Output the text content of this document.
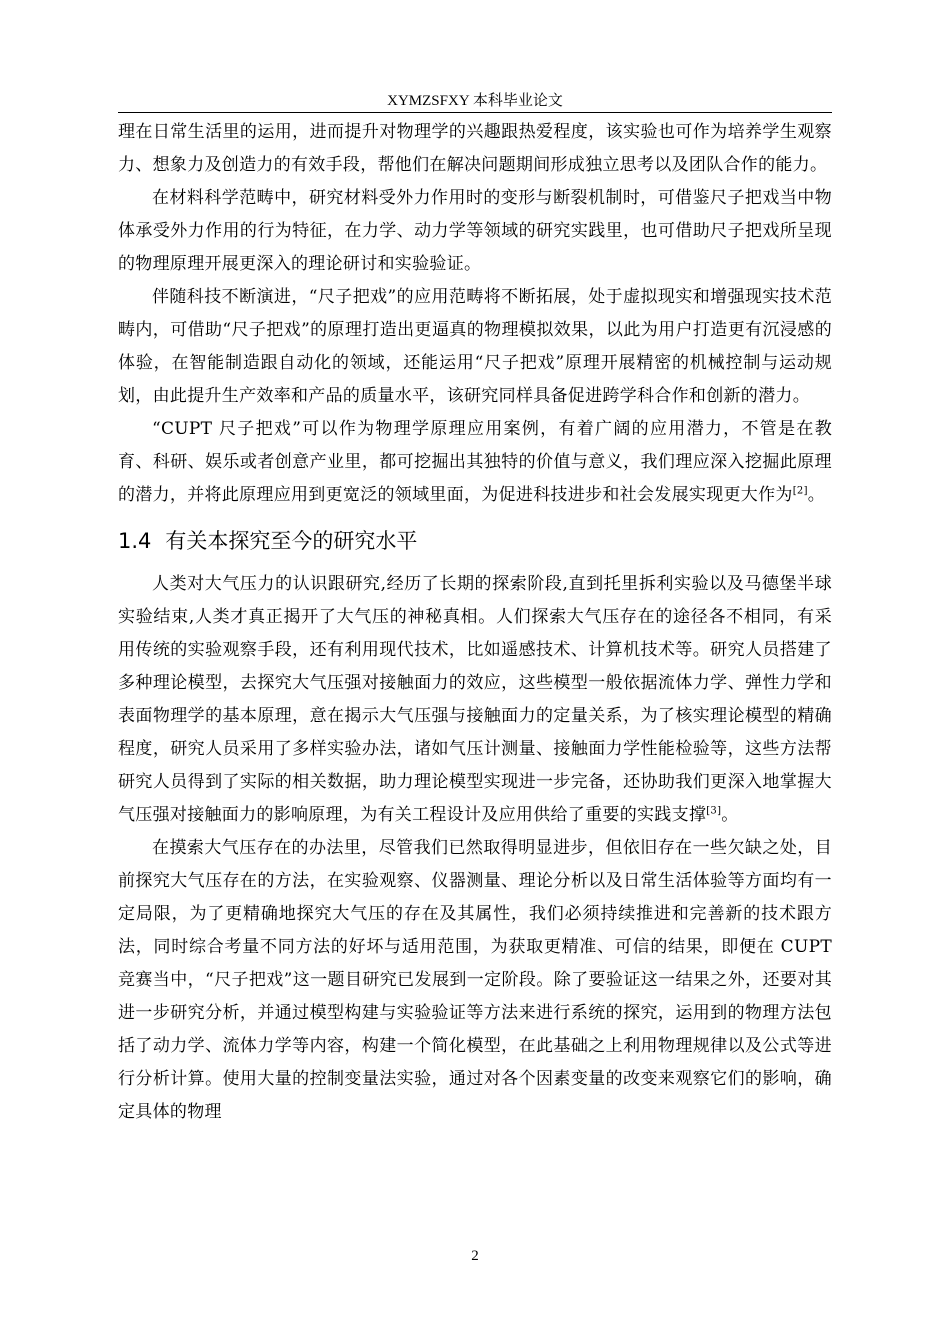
XYMZSFXY 本科毕业论文

理在日常生活里的运用，进而提升对物理学的兴趣跟热爱程度，该实验也可作为培养学生观察力、想象力及创造力的有效手段，帮他们在解决问题期间形成独立思考以及团队合作的能力。

在材料科学范畴中，研究材料受外力作用时的变形与断裂机制时，可借鉴尺子把戏当中物体承受外力作用的行为特征，在力学、动力学等领域的研究实践里，也可借助尺子把戏所呈现的物理原理开展更深入的理论研讨和实验验证。

伴随科技不断演进，“尺子把戏”的应用范畴将不断拓展，处于虚拟现实和增强现实技术范畴内，可借助“尺子把戏”的原理打造出更逼真的物理模拟效果，以此为用户打造更有沉浸感的体验，在智能制造跟自动化的领域，还能运用“尺子把戏”原理开展精密的机械控制与运动规划，由此提升生产效率和产品的质量水平，该研究同样具备促进跨学科合作和创新的潜力。

“CUPT 尺子把戏”可以作为物理学原理应用案例，有着广阔的应用潜力，不管是在教育、科研、娱乐或者创意产业里，都可挖掘出其独特的价值与意义，我们理应深入挖掘此原理的潜力，并将此原理应用到更宽泛的领域里面，为促进科技进步和社会发展实现更大作为[2]。

1.4 有关本探究至今的研究水平

人类对大气压力的认识跟研究,经历了长期的探索阶段,直到托里拆利实验以及马德堡半球实验结束,人类才真正揭开了大气压的神秘真相。人们探索大气压存在的途径各不相同，有采用传统的实验观察手段，还有利用现代技术，比如遥感技术、计算机技术等。研究人员搭建了多种理论模型，去探究大气压强对接触面力的效应，这些模型一般依据流体力学、弹性力学和表面物理学的基本原理，意在揭示大气压强与接触面力的定量关系，为了核实理论模型的精确程度，研究人员采用了多样实验办法，诸如气压计测量、接触面力学性能检验等，这些方法帮研究人员得到了实际的相关数据，助力理论模型实现进一步完备，还协助我们更深入地掌握大气压强对接触面力的影响原理，为有关工程设计及应用供给了重要的实践支撑[3]。

在摸索大气压存在的办法里，尽管我们已然取得明显进步，但依旧存在一些欠缺之处，目前探究大气压存在的方法，在实验观察、仪器测量、理论分析以及日常生活体验等方面均有一定局限，为了更精确地探究大气压的存在及其属性，我们必须持续推进和完善新的技术跟方法，同时综合考量不同方法的好坏与适用范围，为获取更精准、可信的结果，即便在 CUPT 竞赛当中，“尺子把戏”这一题目研究已发展到一定阶段。除了要验证这一结果之外，还要对其进一步研究分析，并通过模型构建与实验验证等方法来进行系统的探究，运用到的物理方法包括了动力学、流体力学等内容，构建一个简化模型，在此基础之上利用物理规律以及公式等进行分析计算。使用大量的控制变量法实验，通过对各个因素变量的改变来观察它们的影响，确定具体的物理

2
